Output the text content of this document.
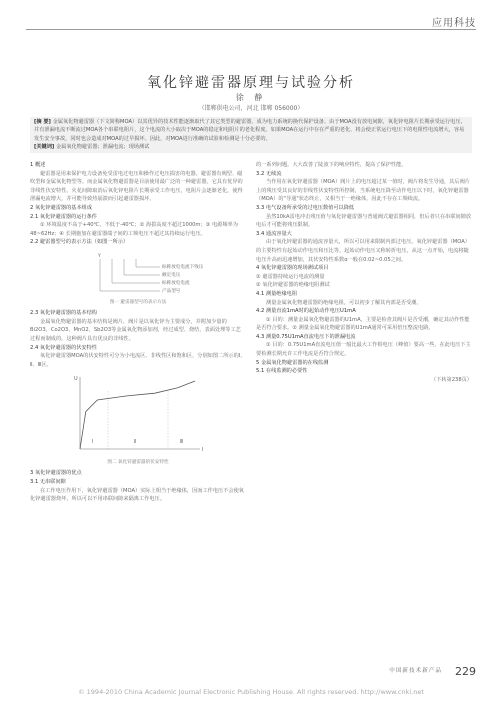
应用科技
氧化锌避雷器原理与试验分析
徐 静
（邯郸供电公司，河北 邯郸 056000）
[摘 要] 金属氧化物避雷器（下文简称MOA）以其优异的技术性能逐渐取代了其它类型的避雷器，成为电力系统的换代保护设备。由于MOA没有放电间隙，氧化锌电阻片长期承受运行电压，并有泄漏电流不断流过MOA各个串联电阻片，这个电流的大小取决于MOA的稳定和电阻片的老化程度。如果MOA在运行中存在严重的老化、将会使正常运行电压下的电阻性电流增大，容易发生安全事故，同时也会造成对MOA的过早损坏。因此，对MOA进行准确的试验和检测是十分必要的。
[关键词] 金属氧化物避雷器；泄漏电流；现场测试
1 概述
避雷器是用来保护电力设备免受雷电过电压和操作过电压损害的电器。避雷器有阀型、磁吹型和金属氧化物型等。而金属氧化物避雷器是目前使用最广泛的一种避雷器，它具有优异的非线性伏安特性。火花间隙取消后氧化锌电阻片长期承受工作电压，电阻片会逐渐老化，使得泄漏电流增大，并可能导致热崩溃而引起避雷器损坏。
2 氧化锌避雷器的基本组成
2.1 氧化锌避雷器的运行条件
① 环境温度不高于+40℃，不低于-40℃；② 海拔高度不超过1000m；③ 电源频率为48~62Hz；④ 长期施加在避雷器端子间的工频电压不超过其持续运行电压。
2.2 避雷器型号的表示方法（如图一所示）
Y
标称放电电流下残压
额定电压
标称放电电流
产品型号
图一 避雷器型号的表示方法
2.3 氧化锌避雷器的基本结构
金属氧化物避雷器的基本结构是阀片，阀片是以氧化锌为主要成分，并附加少量的Bi2O3、Co2O3、MnO2、Sb2O3等金属氧化物添加剂，经过成型、烧结、表面处理等工艺过程而制成的。这种阀片具有优良的非线性。
2.4 氧化锌避雷器的伏安特性
氧化锌避雷器MOA的伏安特性可分为小电流区、非线性区和饱和区，分别如图二所示的Ⅰ、Ⅱ、Ⅲ区。
U
I
Ⅰ	Ⅱ	Ⅲ
图二 氧化锌避雷器的伏安特性
3 氧化锌避雷器的优点
3.1 无串联间隙
在工作电压作用下，氧化锌避雷器（MOA）实际上相当于绝缘体，因而工作电压不会使氧化锌避雷器烧坏，所以可以不用串联间隙来隔离工作电压。
的一系列问题。大大改善了陡波下的响应特性，提高了保护性能。
3.2 无续流
当作用在氧化锌避雷器（MOA）阀片上的电压超过某一值时，阀片将发生导通，其后阀片上的残压受其良好的非线性伏安特性所控制，当系统电压降至动作电压以下时，氧化锌避雷器（MOA）的"导通"状态终止，又相当于一绝缘体，因此不存在工频续流。
3.3 电气设备所承受的过电压数值可以降低
虽然10kA雷电冲击残压值与氧化锌避雷器与普通阀式避雷器相同，但后者只在串联间隙放电后才可能将残压限制。
3.4 通流容量大
由于氧化锌避雷器的通流容量大，所以可以用来限制内部过电压。氧化锌避雷器（MOA）的主要特性有起始动作电压和压比等。起始动作电压又称转折电压，从这一点开始，电流将随电压升高而迅速增加，其伏安特性系数α一般在0.02~0.05之间。
4 氧化锌避雷器的现场测试项目
① 避雷器持续运行电流的测量
② 氧化锌避雷器的绝缘电阻测试
4.1 测量绝缘电阻
测量金属氧化物避雷器的绝缘电阻，可以初步了解其内部是否受潮。
4.2 测量直流1mA时的起始动作电压U1mA
① 目的：测量金属氧化物避雷器的U1mA，主要是检查其阀片是否受潮，确定其动作性能是否符合要求。② 测量金属氧化物避雷器的U1mA通常可采用倍压整流电路。
4.3 测量0.75U1mA直流电压下的泄漏电流
① 目的：0.75U1mA直流电压值一般比最大工作相电压（峰值）要高一些，在此电压下主要检测长期允许工作电流是否符合规定。
5 金属氧化物避雷器的在线监测
5.1 在线监测的必要性
（下转第238页）
中国新技术新产品 229
© 1994-2010 China Academic Journal Electronic Publishing House. All rights reserved. http://www.cnki.net
